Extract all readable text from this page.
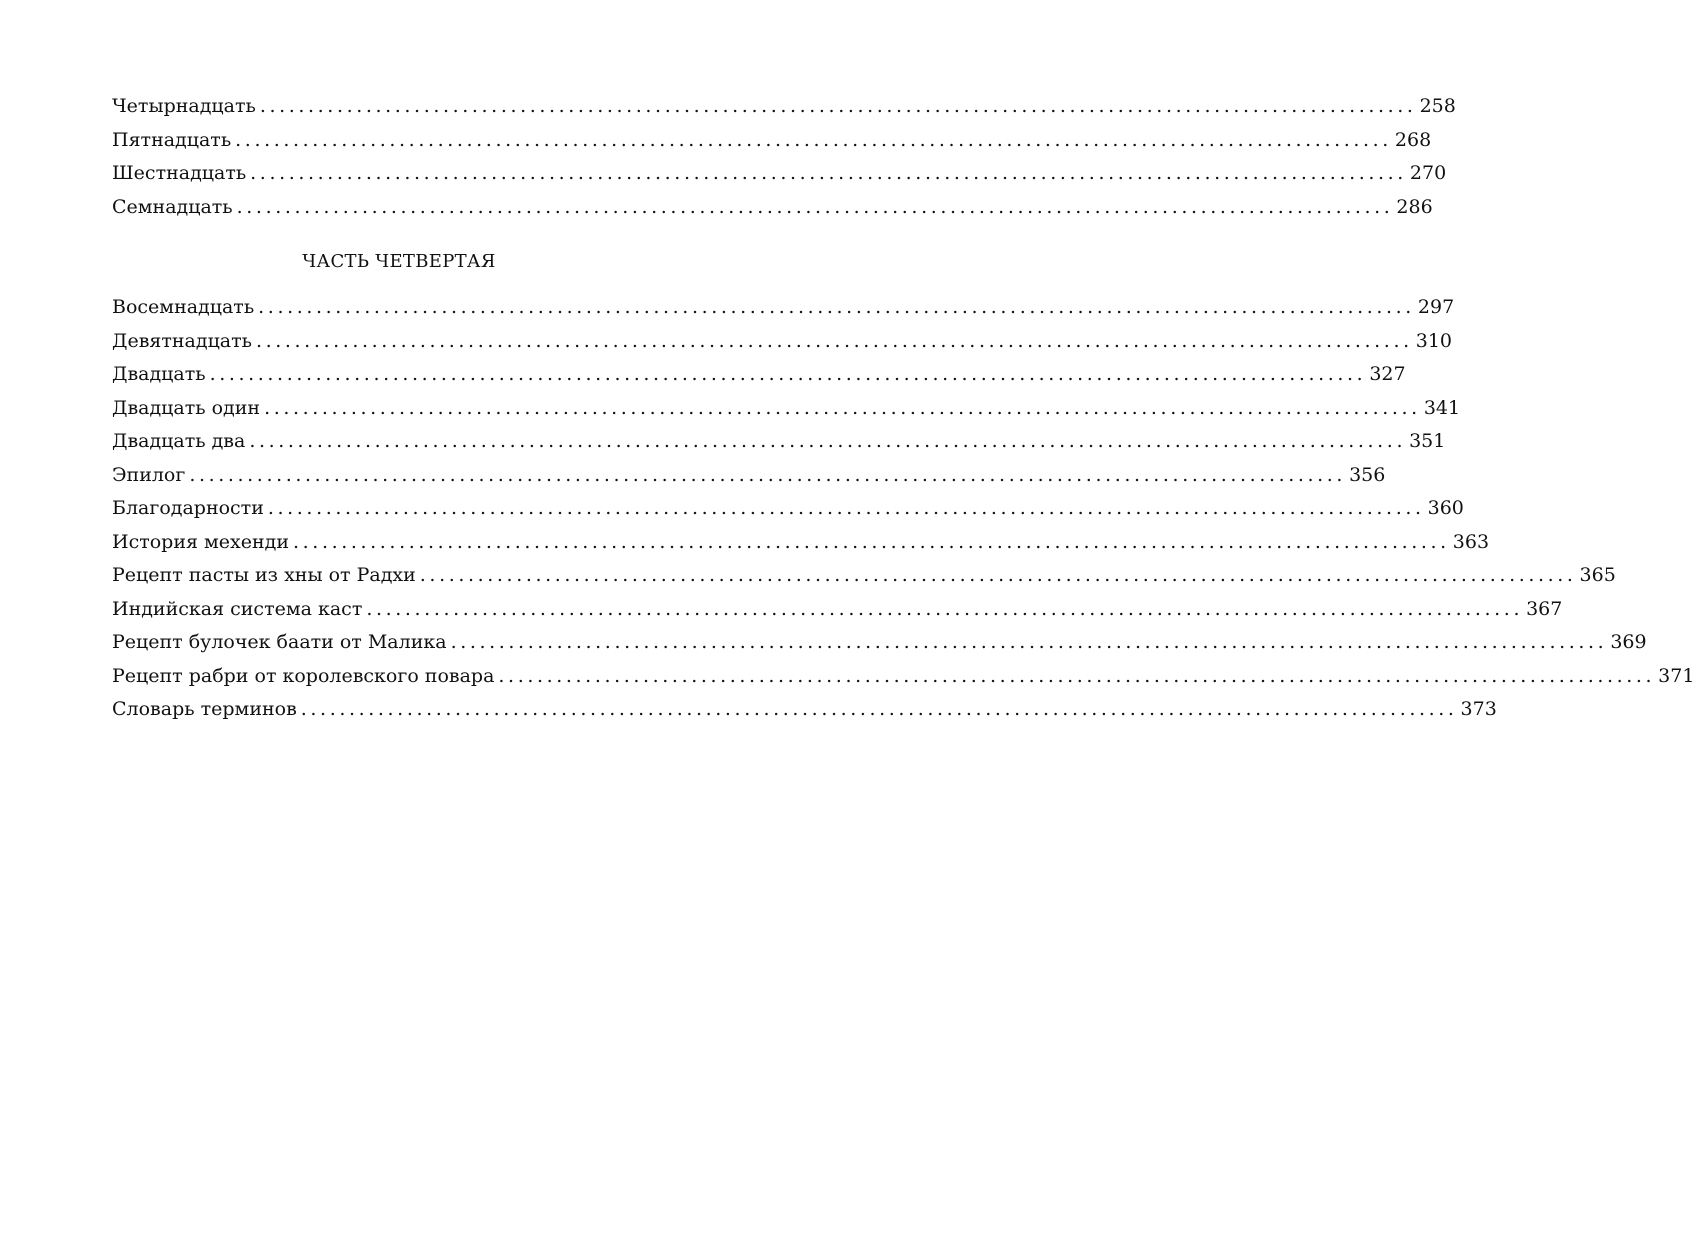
Четырнадцать ........................................................................................................................ 258
Пятнадцать ........................................................................................................................ 268
Шестнадцать ........................................................................................................................ 270
Семнадцать ........................................................................................................................ 286
ЧАСТЬ ЧЕТВЕРТАЯ
Восемнадцать ........................................................................................................................ 297
Девятнадцать ........................................................................................................................ 310
Двадцать ........................................................................................................................ 327
Двадцать один ........................................................................................................................ 341
Двадцать два ........................................................................................................................ 351
Эпилог ........................................................................................................................ 356
Благодарности ........................................................................................................................ 360
История мехенди ........................................................................................................................ 363
Рецепт пасты из хны от Радхи ........................................................................................................................ 365
Индийская система каст ........................................................................................................................ 367
Рецепт булочек баати от Малика ........................................................................................................................ 369
Рецепт рабри от королевского повара ........................................................................................................................ 371
Словарь терминов ........................................................................................................................ 373
